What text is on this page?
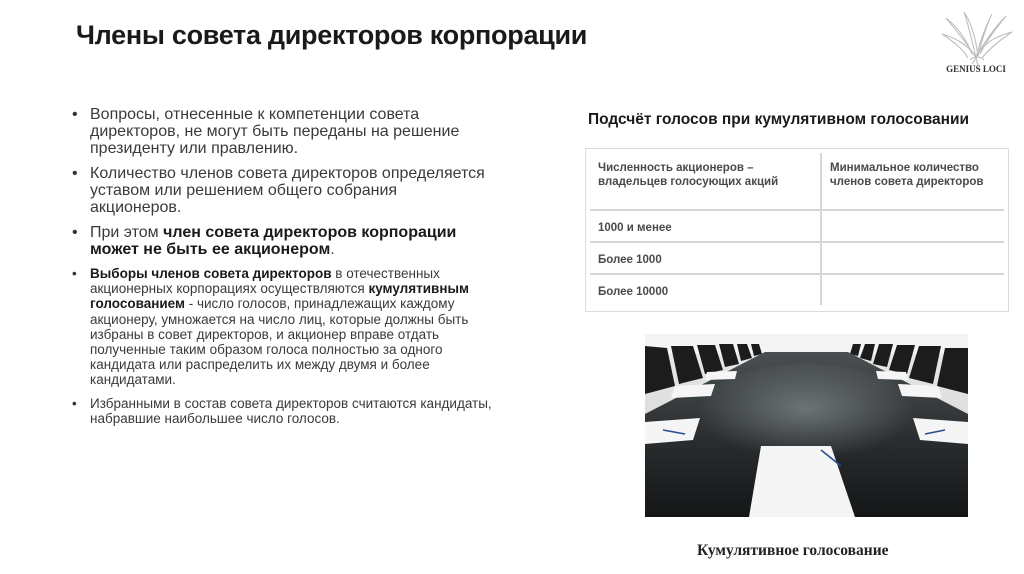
Члены совета директоров корпорации
GENIUS LOCI
• Вопросы, отнесенные к компетенции совета директоров, не могут быть переданы на решение президенту или правлению.
• Количество членов совета директоров определяется уставом или решением общего собрания акционеров.
• При этом член совета директоров корпорации может не быть ее акционером.
• Выборы членов совета директоров в отечественных акционерных корпорациях осуществляются кумулятивным голосованием - число голосов, принадлежащих каждому акционеру, умножается на число лиц, которые должны быть избраны в совет директоров, и акционер вправе отдать полученные таким образом голоса полностью за одного кандидата или распределить их между двумя и более кандидатами.
• Избранными в состав совета директоров считаются кандидаты, набравшие наибольшее число голосов.
Подсчёт голосов при кумулятивном голосовании
Численность акционеров – владельцев голосующих акций
Минимальное количество членов совета директоров
1000 и менее
Более 1000
Более 10000
Кумулятивное голосование
